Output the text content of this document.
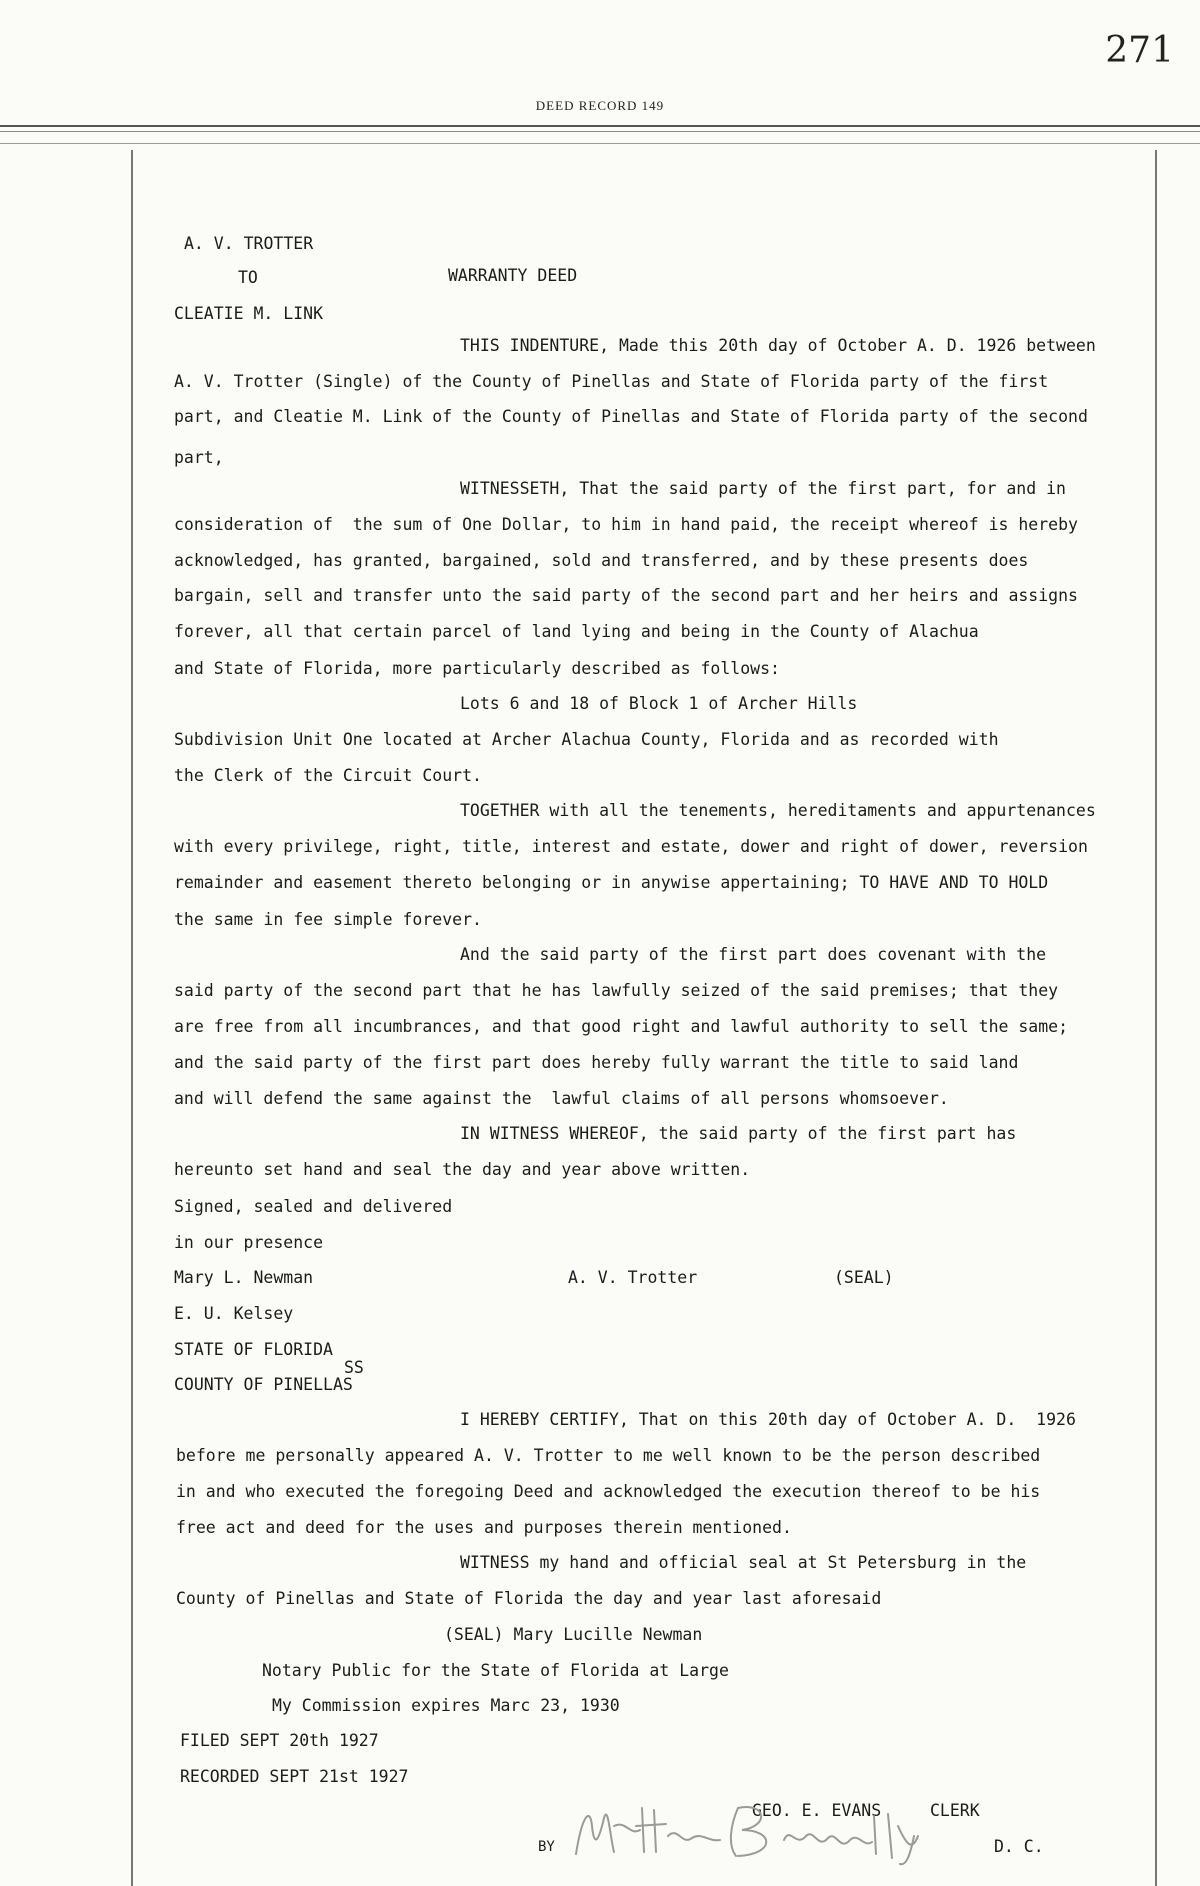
271
DEED RECORD 149
A. V. TROTTER
TO	WARRANTY DEED
CLEATIE M. LINK
THIS INDENTURE, Made this 20th day of October A. D. 1926 between
A. V. Trotter (Single) of the County of Pinellas and State of Florida party of the first
part, and Cleatie M. Link of the County of Pinellas and State of Florida party of the second
part,
WITNESSETH, That the said party of the first part, for and in
consideration of  the sum of One Dollar, to him in hand paid, the receipt whereof is hereby
acknowledged, has granted, bargained, sold and transferred, and by these presents does
bargain, sell and transfer unto the said party of the second part and her heirs and assigns
forever, all that certain parcel of land lying and being in the County of Alachua
and State of Florida, more particularly described as follows:
Lots 6 and 18 of Block 1 of Archer Hills
Subdivision Unit One located at Archer Alachua County, Florida and as recorded with
the Clerk of the Circuit Court.
TOGETHER with all the tenements, hereditaments and appurtenances
with every privilege, right, title, interest and estate, dower and right of dower, reversion
remainder and easement thereto belonging or in anywise appertaining; TO HAVE AND TO HOLD
the same in fee simple forever.
And the said party of the first part does covenant with the
said party of the second part that he has lawfully seized of the said premises; that they
are free from all incumbrances, and that good right and lawful authority to sell the same;
and the said party of the first part does hereby fully warrant the title to said land
and will defend the same against the  lawful claims of all persons whomsoever.
IN WITNESS WHEREOF, the said party of the first part has
hereunto set hand and seal the day and year above written.
Signed, sealed and delivered
in our presence
Mary L. Newman	A. V. Trotter	(SEAL)
E. U. Kelsey
STATE OF FLORIDA
SS
COUNTY OF PINELLAS
I HEREBY CERTIFY, That on this 20th day of October A. D.  1926
before me personally appeared A. V. Trotter to me well known to be the person described
in and who executed the foregoing Deed and acknowledged the execution thereof to be his
free act and deed for the uses and purposes therein mentioned.
WITNESS my hand and official seal at St Petersburg in the
County of Pinellas and State of Florida the day and year last aforesaid
(SEAL) Mary Lucille Newman
Notary Public for the State of Florida at Large
My Commission expires Marc 23, 1930
FILED SEPT 20th 1927
RECORDED SEPT 21st 1927
GEO. E. EVANS	CLERK
BY	D. C.
